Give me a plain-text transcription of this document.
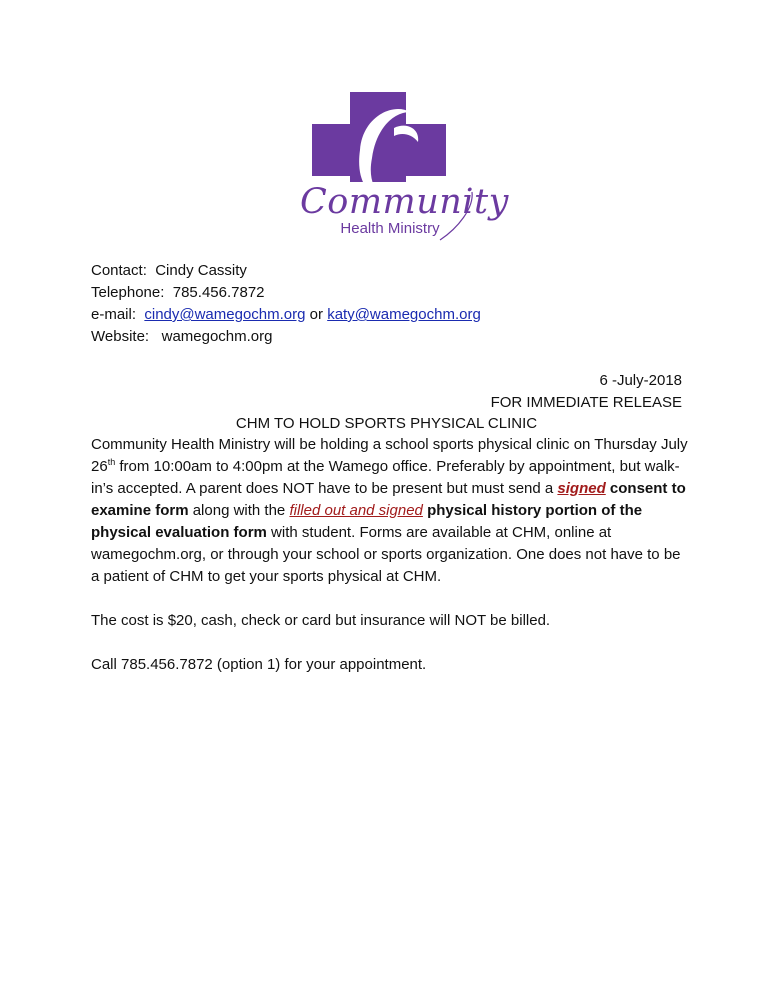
Community
Health Ministry
Contact: Cindy Cassity
Telephone: 785.456.7872
e-mail: cindy@wamegochm.org or katy@wamegochm.org
Website: wamegochm.org
6 -July-2018
FOR IMMEDIATE RELEASE
CHM TO HOLD SPORTS PHYSICAL CLINIC

Community Health Ministry will be holding a school sports physical clinic on Thursday July 26th from 10:00am to 4:00pm at the Wamego office. Preferably by appointment, but walk-in’s accepted. A parent does NOT have to be present but must send a signed consent to examine form along with the filled out and signed physical history portion of the physical evaluation form with student. Forms are available at CHM, online at wamegochm.org, or through your school or sports organization. One does not have to be a patient of CHM to get your sports physical at CHM.

The cost is $20, cash, check or card but insurance will NOT be billed.

Call 785.456.7872 (option 1) for your appointment.
